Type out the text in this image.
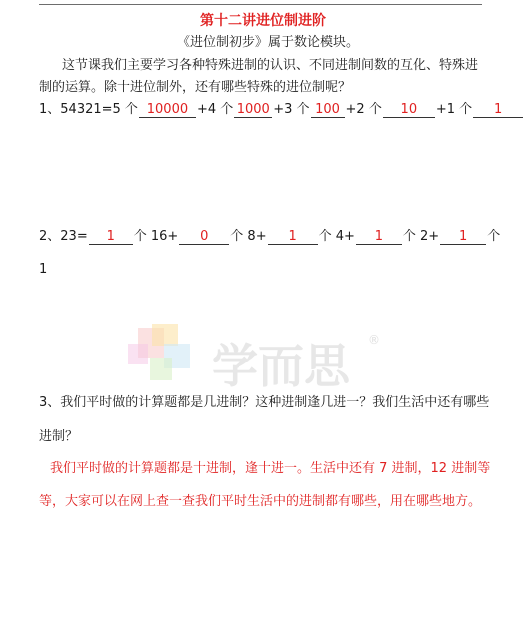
第十二讲进位制进阶
《进位制初步》属于数论模块。
这节课我们主要学习各种特殊进制的认识、不同进制间数的互化、特殊进
制的运算。除十进位制外，还有哪些特殊的进位制呢？
1、54321=5 个 10000 +4 个 1000 +3 个 100 +2 个 10 +1 个 1
2、23= 1 个 16+ 0 个 8+ 1 个 4+ 1 个 2+ 1 个
1
学而思 ®
3、我们平时做的计算题都是几进制？这种进制逢几进一？我们生活中还有哪些
进制？
我们平时做的计算题都是十进制，逢十进一。生活中还有 7 进制，12 进制等
等，大家可以在网上查一查我们平时生活中的进制都有哪些，用在哪些地方。
